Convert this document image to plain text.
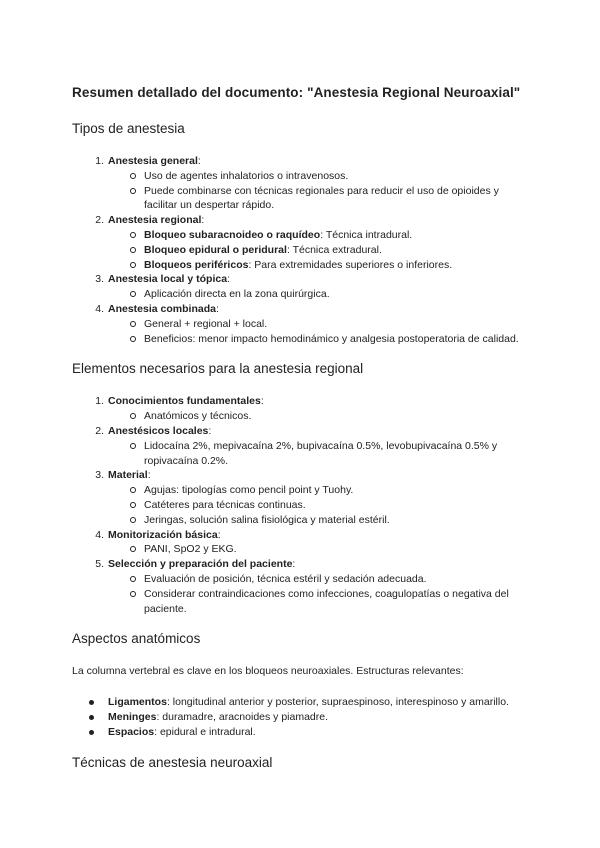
Resumen detallado del documento: "Anestesia Regional Neuroaxial"
Tipos de anestesia
1. Anestesia general:
Uso de agentes inhalatorios o intravenosos.
Puede combinarse con técnicas regionales para reducir el uso de opioides y facilitar un despertar rápido.
2. Anestesia regional:
Bloqueo subaracnoideo o raquídeo: Técnica intradural.
Bloqueo epidural o peridural: Técnica extradural.
Bloqueos periféricos: Para extremidades superiores o inferiores.
3. Anestesia local y tópica:
Aplicación directa en la zona quirúrgica.
4. Anestesia combinada:
General + regional + local.
Beneficios: menor impacto hemodinámico y analgesia postoperatoria de calidad.
Elementos necesarios para la anestesia regional
1. Conocimientos fundamentales:
Anatómicos y técnicos.
2. Anestésicos locales:
Lidocaína 2%, mepivacaína 2%, bupivacaína 0.5%, levobupivacaína 0.5% y ropivacaína 0.2%.
3. Material:
Agujas: tipologías como pencil point y Tuohy.
Catéteres para técnicas continuas.
Jeringas, solución salina fisiológica y material estéril.
4. Monitorización básica:
PANI, SpO2 y EKG.
5. Selección y preparación del paciente:
Evaluación de posición, técnica estéril y sedación adecuada.
Considerar contraindicaciones como infecciones, coagulopatías o negativa del paciente.
Aspectos anatómicos

La columna vertebral es clave en los bloqueos neuroaxiales. Estructuras relevantes:

Ligamentos: longitudinal anterior y posterior, supraespinoso, interespinoso y amarillo.
Meninges: duramadre, aracnoides y piamadre.
Espacios: epidural e intradural.
Técnicas de anestesia neuroaxial
